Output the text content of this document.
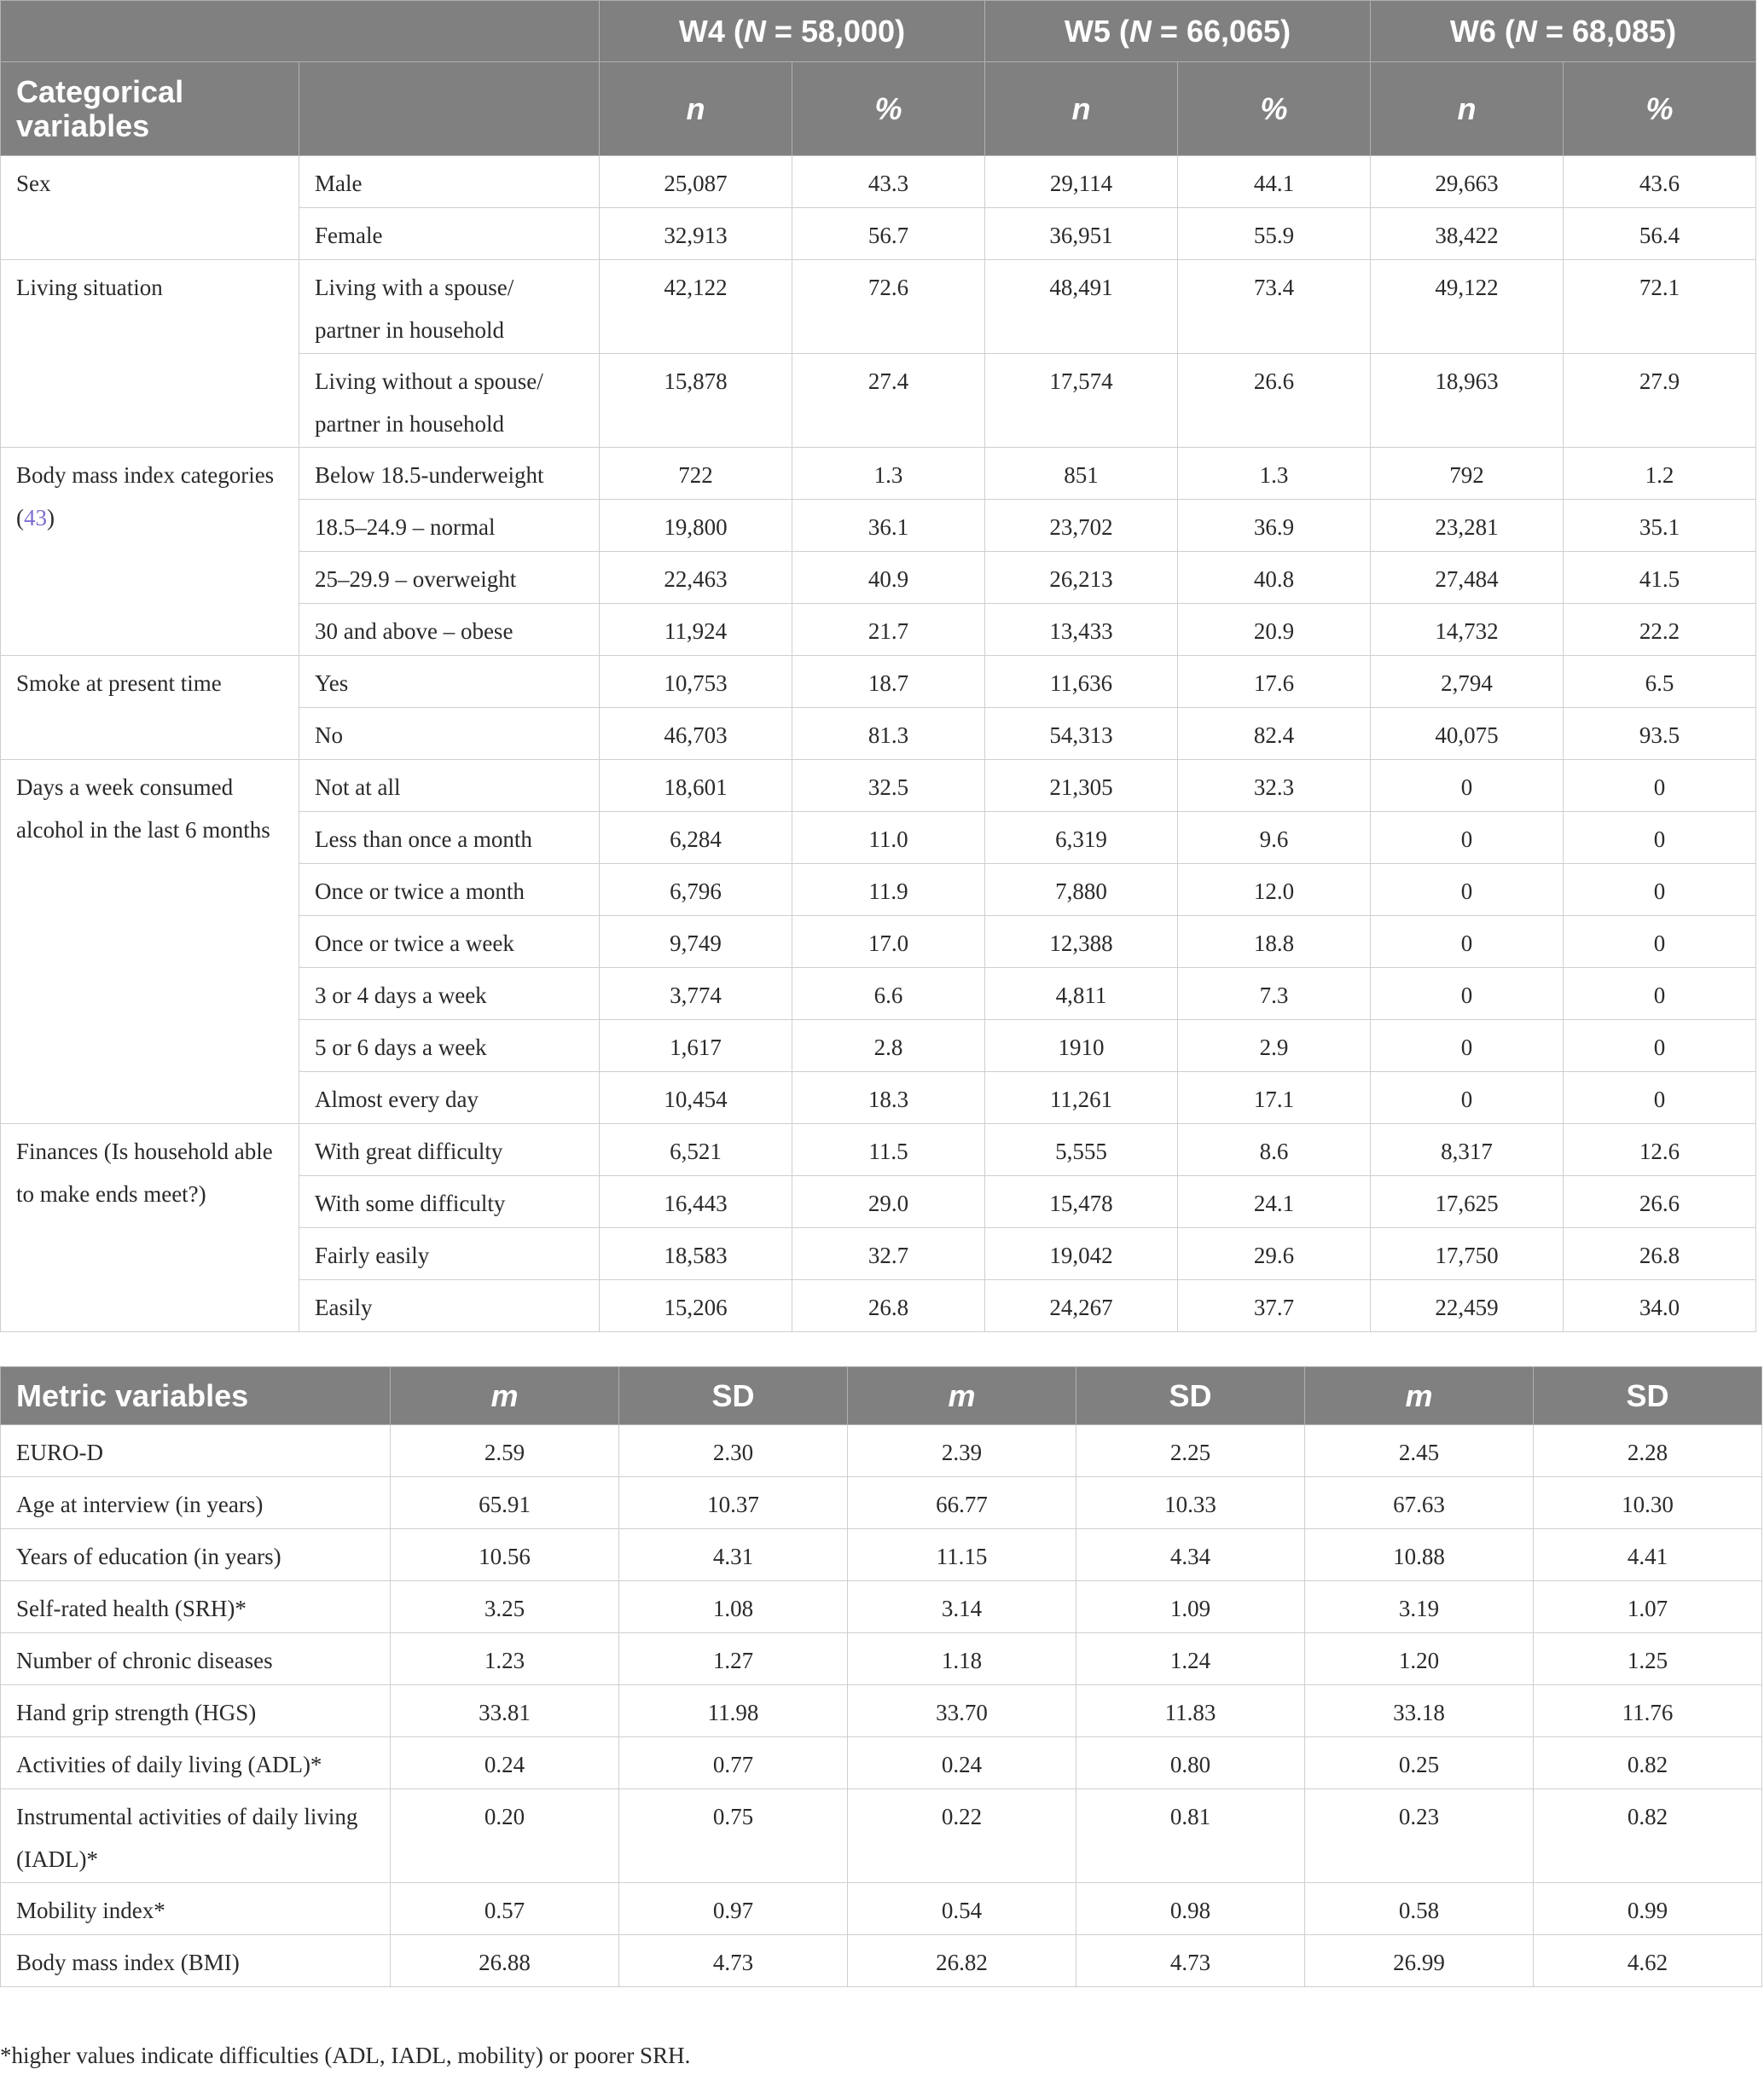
		W4 (N = 58,000)		W5 (N = 66,065)		W6 (N = 68,085)	
Categorical variables		n	%	n	%	n	%
Sex	Male	25,087	43.3	29,114	44.1	29,663	43.6
	Female	32,913	56.7	36,951	55.9	38,422	56.4
Living situation	Living with a spouse/ partner in household	42,122	72.6	48,491	73.4	49,122	72.1
	Living without a spouse/ partner in household	15,878	27.4	17,574	26.6	18,963	27.9
Body mass index categories (43)	Below 18.5-underweight	722	1.3	851	1.3	792	1.2
	18.5–24.9 – normal	19,800	36.1	23,702	36.9	23,281	35.1
	25–29.9 – overweight	22,463	40.9	26,213	40.8	27,484	41.5
	30 and above – obese	11,924	21.7	13,433	20.9	14,732	22.2
Smoke at present time	Yes	10,753	18.7	11,636	17.6	2,794	6.5
	No	46,703	81.3	54,313	82.4	40,075	93.5
Days a week consumed alcohol in the last 6 months	Not at all	18,601	32.5	21,305	32.3	0	0
	Less than once a month	6,284	11.0	6,319	9.6	0	0
	Once or twice a month	6,796	11.9	7,880	12.0	0	0
	Once or twice a week	9,749	17.0	12,388	18.8	0	0
	3 or 4 days a week	3,774	6.6	4,811	7.3	0	0
	5 or 6 days a week	1,617	2.8	1910	2.9	0	0
	Almost every day	10,454	18.3	11,261	17.1	0	0
Finances (Is household able to make ends meet?)	With great difficulty	6,521	11.5	5,555	8.6	8,317	12.6
	With some difficulty	16,443	29.0	15,478	24.1	17,625	26.6
	Fairly easily	18,583	32.7	19,042	29.6	17,750	26.8
	Easily	15,206	26.8	24,267	37.7	22,459	34.0
Metric variables	m	SD	m	SD	m	SD
EURO-D	2.59	2.30	2.39	2.25	2.45	2.28
Age at interview (in years)	65.91	10.37	66.77	10.33	67.63	10.30
Years of education (in years)	10.56	4.31	11.15	4.34	10.88	4.41
Self-rated health (SRH)*	3.25	1.08	3.14	1.09	3.19	1.07
Number of chronic diseases	1.23	1.27	1.18	1.24	1.20	1.25
Hand grip strength (HGS)	33.81	11.98	33.70	11.83	33.18	11.76
Activities of daily living (ADL)*	0.24	0.77	0.24	0.80	0.25	0.82
Instrumental activities of daily living (IADL)*	0.20	0.75	0.22	0.81	0.23	0.82
Mobility index*	0.57	0.97	0.54	0.98	0.58	0.99
Body mass index (BMI)	26.88	4.73	26.82	4.73	26.99	4.62

*higher values indicate difficulties (ADL, IADL, mobility) or poorer SRH.
